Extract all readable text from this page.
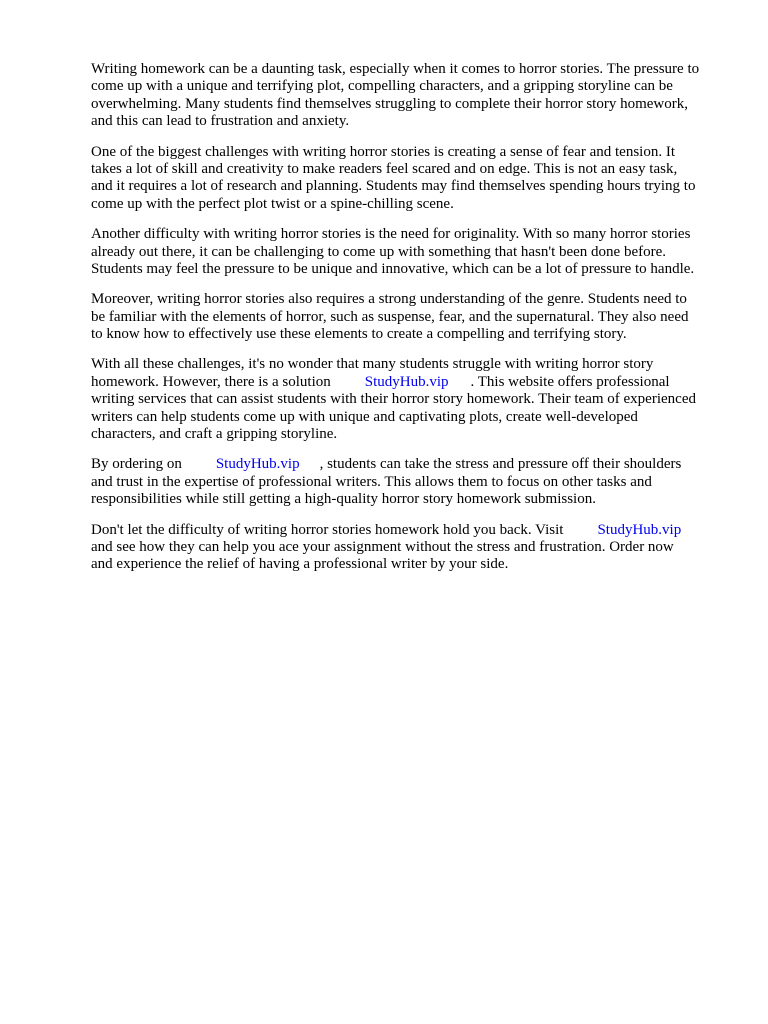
Writing homework can be a daunting task, especially when it comes to horror stories. The pressure to
come up with a unique and terrifying plot, compelling characters, and a gripping storyline can be
overwhelming. Many students find themselves struggling to complete their horror story homework,
and this can lead to frustration and anxiety.

One of the biggest challenges with writing horror stories is creating a sense of fear and tension. It
takes a lot of skill and creativity to make readers feel scared and on edge. This is not an easy task,
and it requires a lot of research and planning. Students may find themselves spending hours trying to
come up with the perfect plot twist or a spine-chilling scene.

Another difficulty with writing horror stories is the need for originality. With so many horror stories
already out there, it can be challenging to come up with something that hasn't been done before.
Students may feel the pressure to be unique and innovative, which can be a lot of pressure to handle.

Moreover, writing horror stories also requires a strong understanding of the genre. Students need to
be familiar with the elements of horror, such as suspense, fear, and the supernatural. They also need
to know how to effectively use these elements to create a compelling and terrifying story.

With all these challenges, it's no wonder that many students struggle with writing horror story
homework. However, there is a solution StudyHub.vip . This website offers professional
writing services that can assist students with their horror story homework. Their team of experienced
writers can help students come up with unique and captivating plots, create well-developed
characters, and craft a gripping storyline.

By ordering on StudyHub.vip , students can take the stress and pressure off their shoulders
and trust in the expertise of professional writers. This allows them to focus on other tasks and
responsibilities while still getting a high-quality horror story homework submission.

Don't let the difficulty of writing horror stories homework hold you back. Visit StudyHub.vip
and see how they can help you ace your assignment without the stress and frustration. Order now
and experience the relief of having a professional writer by your side.
